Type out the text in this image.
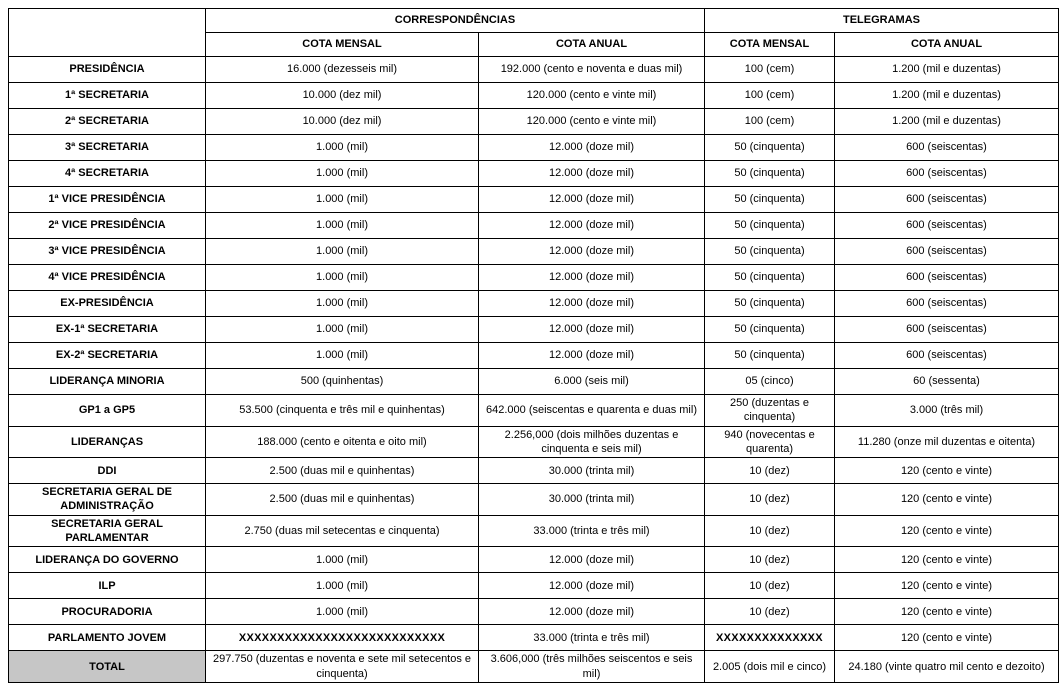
	CORRESPONDÊNCIAS		TELEGRAMAS	
	COTA MENSAL	COTA ANUAL	COTA MENSAL	COTA ANUAL
PRESIDÊNCIA	16.000 (dezesseis mil)	192.000 (cento e noventa e duas mil)	100 (cem)	1.200 (mil e duzentas)
1ª SECRETARIA	10.000 (dez mil)	120.000 (cento e vinte mil)	100 (cem)	1.200 (mil e duzentas)
2ª SECRETARIA	10.000 (dez mil)	120.000 (cento e vinte mil)	100 (cem)	1.200 (mil e duzentas)
3ª SECRETARIA	1.000 (mil)	12.000 (doze mil)	50 (cinquenta)	600 (seiscentas)
4ª SECRETARIA	1.000 (mil)	12.000 (doze mil)	50 (cinquenta)	600 (seiscentas)
1ª VICE PRESIDÊNCIA	1.000 (mil)	12.000 (doze mil)	50 (cinquenta)	600 (seiscentas)
2ª VICE PRESIDÊNCIA	1.000 (mil)	12.000 (doze mil)	50 (cinquenta)	600 (seiscentas)
3ª VICE PRESIDÊNCIA	1.000 (mil)	12.000 (doze mil)	50 (cinquenta)	600 (seiscentas)
4ª VICE PRESIDÊNCIA	1.000 (mil)	12.000 (doze mil)	50 (cinquenta)	600 (seiscentas)
EX-PRESIDÊNCIA	1.000 (mil)	12.000 (doze mil)	50 (cinquenta)	600 (seiscentas)
EX-1ª SECRETARIA	1.000 (mil)	12.000 (doze mil)	50 (cinquenta)	600 (seiscentas)
EX-2ª SECRETARIA	1.000 (mil)	12.000 (doze mil)	50 (cinquenta)	600 (seiscentas)
LIDERANÇA MINORIA	500 (quinhentas)	6.000 (seis mil)	05 (cinco)	60 (sessenta)
GP1 a GP5	53.500 (cinquenta e três mil e quinhentas)	642.000 (seiscentas e quarenta e duas mil)	250 (duzentas e cinquenta)	3.000 (três mil)
LIDERANÇAS	188.000 (cento e oitenta e oito mil)	2.256,000 (dois milhões duzentas e cinquenta e seis mil)	940 (novecentas e quarenta)	11.280 (onze mil duzentas e oitenta)
DDI	2.500 (duas mil e quinhentas)	30.000 (trinta mil)	10 (dez)	120 (cento e vinte)
SECRETARIA GERAL DE ADMINISTRAÇÃO	2.500 (duas mil e quinhentas)	30.000 (trinta mil)	10 (dez)	120 (cento e vinte)
SECRETARIA GERAL PARLAMENTAR	2.750 (duas mil setecentas e cinquenta)	33.000 (trinta e três mil)	10 (dez)	120 (cento e vinte)
LIDERANÇA DO GOVERNO	1.000 (mil)	12.000 (doze mil)	10 (dez)	120 (cento e vinte)
ILP	1.000 (mil)	12.000 (doze mil)	10 (dez)	120 (cento e vinte)
PROCURADORIA	1.000 (mil)	12.000 (doze mil)	10 (dez)	120 (cento e vinte)
PARLAMENTO JOVEM	XXXXXXXXXXXXXXXXXXXXXXXXXXX	33.000 (trinta e três mil)	XXXXXXXXXXXXXX	120 (cento e vinte)
TOTAL	297.750 (duzentas e noventa e sete mil setecentos e cinquenta)	3.606,000 (três milhões seiscentos e seis mil)	2.005 (dois mil e cinco)	24.180 (vinte quatro mil cento e dezoito)
